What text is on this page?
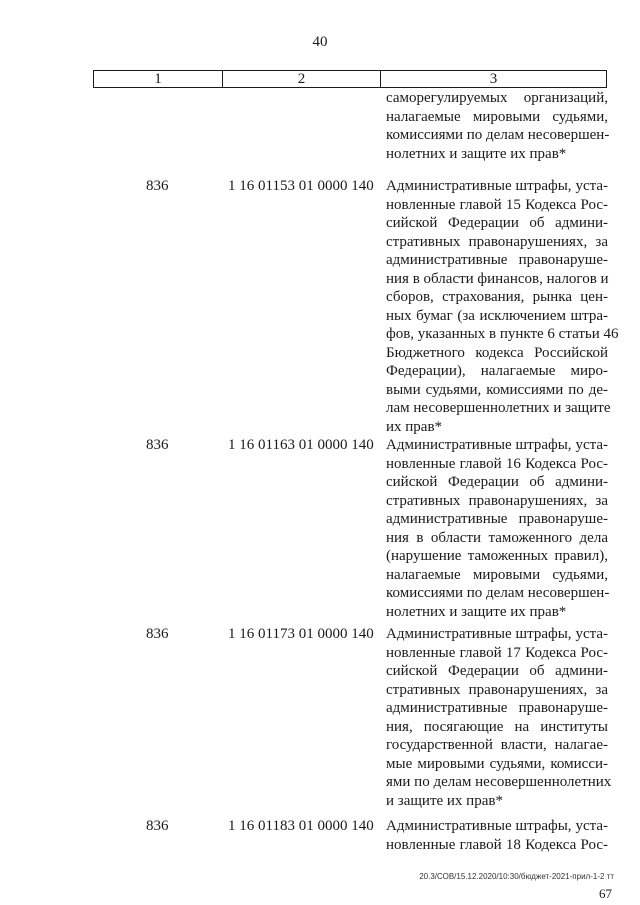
40
1	2	3
саморегулируемых организаций,
налагаемые мировыми судьями,
комиссиями по делам несовершен-
нолетних и защите их прав*
836	1 16 01153 01 0000 140 Административные штрафы, уста-
новленные главой 15 Кодекса Рос-
сийской Федерации об админи-
стративных правонарушениях, за
административные правонаруше-
ния в области финансов, налогов и
сборов, страхования, рынка цен-
ных бумаг (за исключением штра-
фов, указанных в пункте 6 статьи 46
Бюджетного кодекса Российской
Федерации), налагаемые миро-
выми судьями, комиссиями по де-
лам несовершеннолетних и защите
их прав*
836	1 16 01163 01 0000 140 Административные штрафы, уста-
новленные главой 16 Кодекса Рос-
сийской Федерации об админи-
стративных правонарушениях, за
административные правонаруше-
ния в области таможенного дела
(нарушение таможенных правил),
налагаемые мировыми судьями,
комиссиями по делам несовершен-
нолетних и защите их прав*
836	1 16 01173 01 0000 140 Административные штрафы, уста-
новленные главой 17 Кодекса Рос-
сийской Федерации об админи-
стративных правонарушениях, за
административные правонаруше-
ния, посягающие на институты
государственной власти, налагае-
мые мировыми судьями, комисси-
ями по делам несовершеннолетних
и защите их прав*
836	1 16 01183 01 0000 140 Административные штрафы, уста-
новленные главой 18 Кодекса Рос-
20.3/СОВ/15.12.2020/10:30/бюджет-2021-прил-1-2 тт
67
